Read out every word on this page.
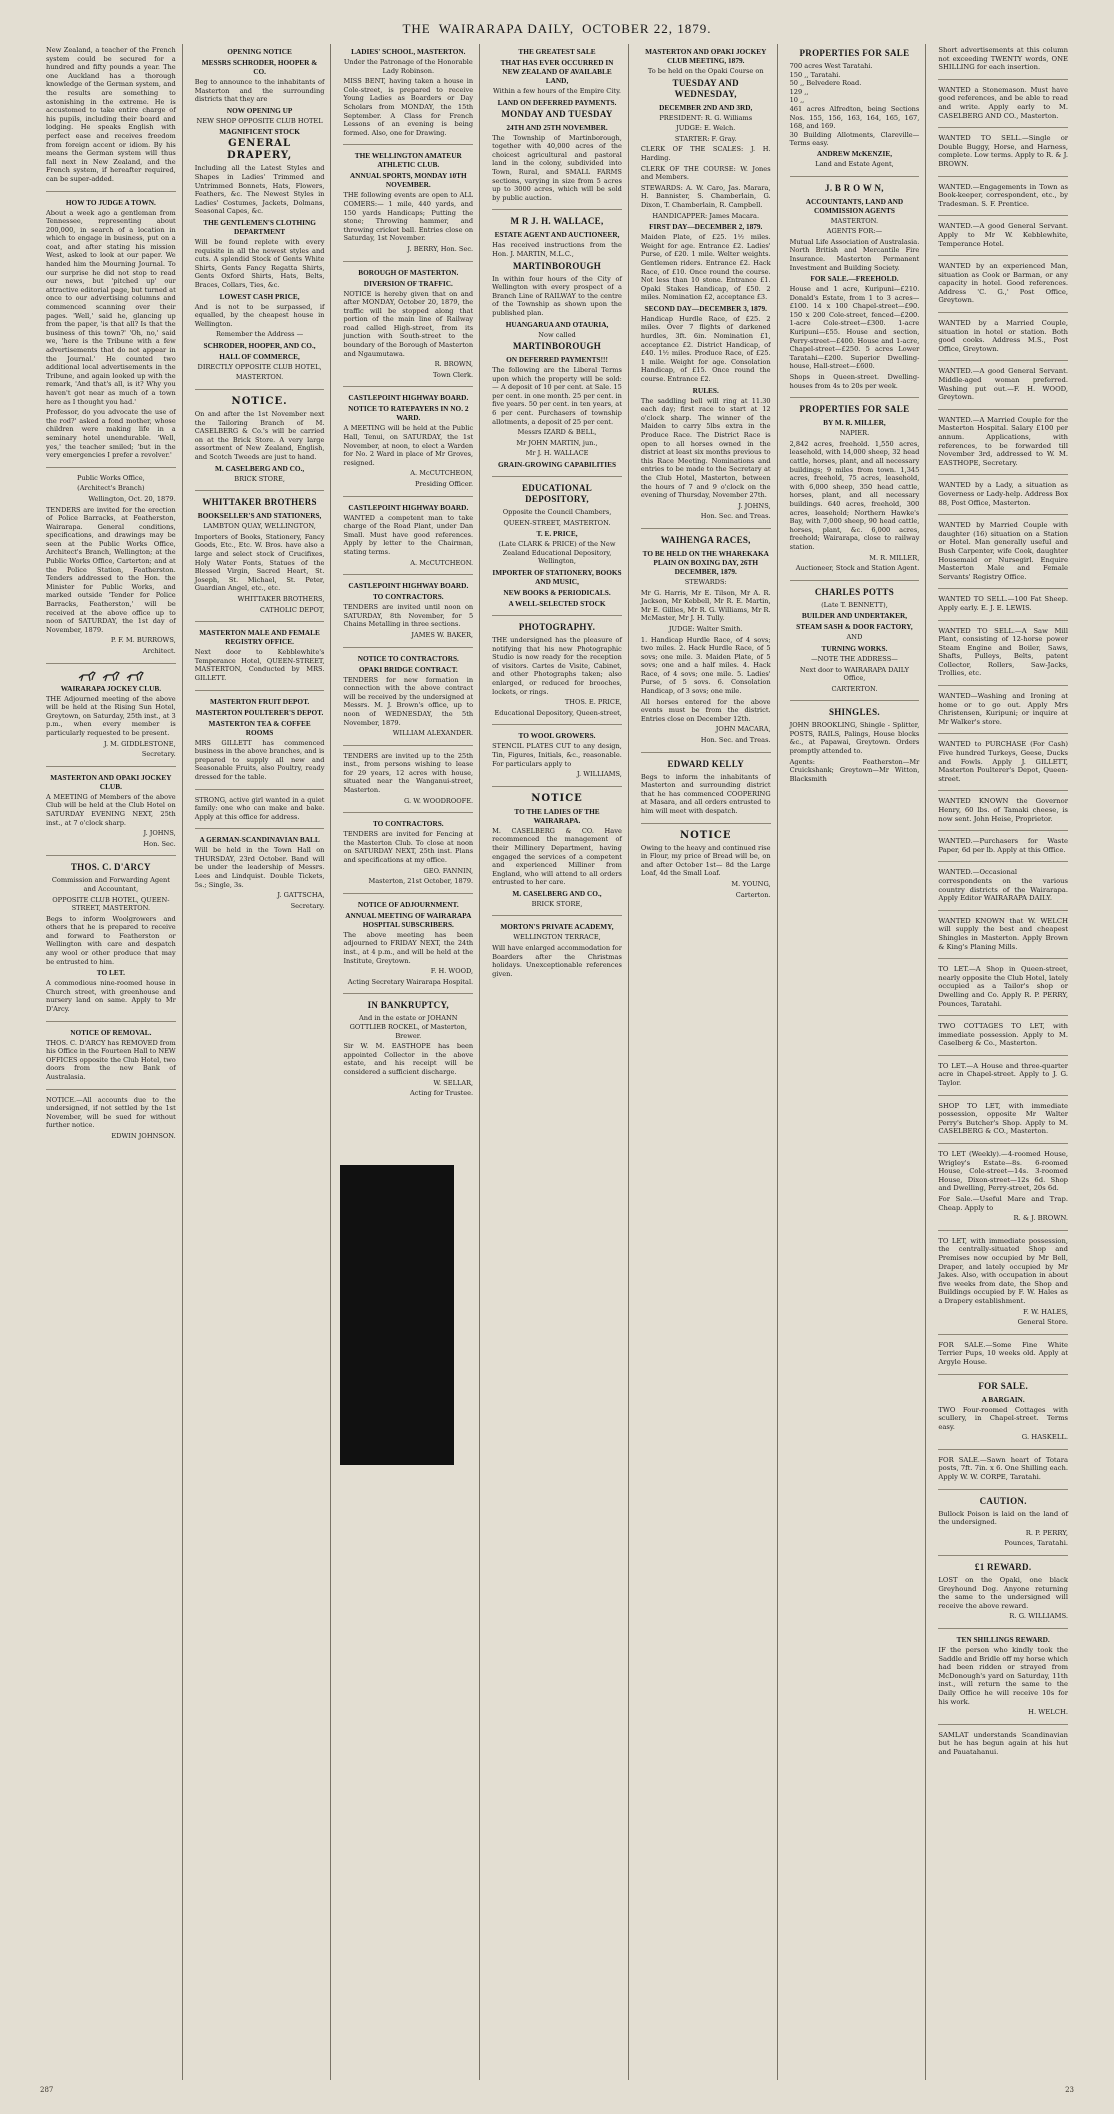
THE WAIRARAPA DAILY, OCTOBER 22, 1879.

New Zealand, a teacher of the French system could be secured for a hundred and fifty pounds a year. The one Auckland has a thorough knowledge of the German system, and the results are something to astonishing in the extreme. He is accustomed to take entire charge of his pupils, including their board and lodging. He speaks English with perfect ease and receives freedom from foreign accent or idiom. By his means the German system will thus fall next in New Zealand, and the French system, if hereafter required, can be super-added.

HOW TO JUDGE A TOWN.

About a week ago a gentleman from Tennessee, representing about 200,000, in search of a location in which to engage in business, put on a coat, and after stating his mission West, asked to look at our paper. We handed him the Mourning Journal. To our surprise he did not stop to read our news, but 'pitched up' our attractive editorial page, but turned at once to our advertising columns and commenced scanning over their pages. 'Well,' said he, glancing up from the paper, 'is that all? Is that the business of this town?' 'Oh, no,' said we, 'here is the Tribune with a few advertisements that do not appear in the Journal.' He counted two additional local advertisements in the Tribune, and again looked up with the remark, 'And that's all, is it? Why you haven't got near as much of a town here as I thought you had.'

Professor, do you advocate the use of the rod?' asked a fond mother, whose children were making life in a seminary hotel unendurable. 'Well, yes,' the teacher smiled; 'but in the very emergencies I prefer a revolver.'

Public Works Office,

(Architect's Branch)

Wellington, Oct. 20, 1879.

TENDERS are invited for the erection of Police Barracks, at Featherston, Wairarapa. General conditions, specifications, and drawings may be seen at the Public Works Office, Architect's Branch, Wellington; at the Public Works Office, Carterton; and at the Police Station, Featherston. Tenders addressed to the Hon. the Minister for Public Works, and marked outside 'Tender for Police Barracks, Featherston,' will be received at the above office up to noon of SATURDAY, the 1st day of November, 1879.

P. F. M. BURROWS,

Architect.

WAIRARAPA JOCKEY CLUB.

THE Adjourned meeting of the above will be held at the Rising Sun Hotel, Greytown, on Saturday, 25th inst., at 3 p.m., when every member is particularly requested to be present.

J. M. GIDDLESTONE,

Secretary.

MASTERTON AND OPAKI JOCKEY CLUB.

A MEETING of Members of the above Club will be held at the Club Hotel on SATURDAY EVENING NEXT, 25th inst., at 7 o'clock sharp.

J. JOHNS,

Hon. Sec.

THOS. C. D'ARCY

Commission and Forwarding Agent and Accountant,

OPPOSITE CLUB HOTEL, QUEEN-STREET, MASTERTON.

Begs to inform Woolgrowers and others that he is prepared to receive and forward to Featherston or Wellington with care and despatch any wool or other produce that may be entrusted to him.

TO LET.

A commodious nine-roomed house in Church street, with greenhouse and nursery land on same. Apply to Mr D'Arcy.

NOTICE OF REMOVAL.

THOS. C. D'ARCY has REMOVED from his Office in the Fourteen Hall to NEW OFFICES opposite the Club Hotel, two doors from the new Bank of Australasia.

NOTICE.—All accounts due to the undersigned, if not settled by the 1st November, will be sued for without further notice.

EDWIN JOHNSON.

OPENING NOTICE
MESSRS SCHRODER, HOOPER & CO.

Beg to announce to the inhabitants of Masterton and the surrounding districts that they are

NOW OPENING UP

NEW SHOP OPPOSITE CLUB HOTEL

MAGNIFICENT STOCK

GENERAL DRAPERY,

Including all the Latest Styles and Shapes in Ladies' Trimmed and Untrimmed Bonnets, Hats, Flowers, Feathers, &c. The Newest Styles in Ladies' Costumes, Jackets, Dolmans, Seasonal Capes, &c.

THE GENTLEMEN'S CLOTHING DEPARTMENT

Will be found replete with every requisite in all the newest styles and cuts. A splendid Stock of Gents White Shirts, Gents Fancy Regatta Shirts, Gents Oxford Shirts, Hats, Belts, Braces, Collars, Ties, &c.

LOWEST CASH PRICE,

And is not to be surpassed, if equalled, by the cheapest house in Wellington.

Remember the Address —

SCHRODER, HOOPER, AND CO.,
HALL OF COMMERCE,

DIRECTLY OPPOSITE CLUB HOTEL,

MASTERTON.

NOTICE.

On and after the 1st November next the Tailoring Branch of M. CASELBERG & Co.'s will be carried on at the Brick Store. A very large assortment of New Zealand, English, and Scotch Tweeds are just to hand.

M. CASELBERG AND CO.,

BRICK STORE,

WHITTAKER BROTHERS
BOOKSELLER'S AND STATIONERS,

LAMBTON QUAY, WELLINGTON,

Importers of Books, Stationery, Fancy Goods, Etc., Etc. W. Bros. have also a large and select stock of Crucifixes, Holy Water Fonts, Statues of the Blessed Virgin, Sacred Heart, St. Joseph, St. Michael, St. Peter, Guardian Angel, etc., etc.

WHITTAKER BROTHERS,

CATHOLIC DEPOT,

MASTERTON MALE AND FEMALE REGISTRY OFFICE.

Next door to Kebblewhite's Temperance Hotel, QUEEN-STREET, MASTERTON, Conducted by MRS. GILLETT.

MASTERTON FRUIT DEPOT.
MASTERTON POULTERER'S DEPOT.
MASTERTON TEA & COFFEE ROOMS

MRS GILLETT has commenced business in the above branches, and is prepared to supply all new and Seasonable Fruits, also Poultry, ready dressed for the table.

STRONG, active girl wanted in a quiet family: one who can make and bake. Apply at this office for address.

A GERMAN-SCANDINAVIAN BALL

Will be held in the Town Hall on THURSDAY, 23rd October. Band will be under the leadership of Messrs. Lees and Lindquist. Double Tickets, 5s.; Single, 3s.

J. GATTSCHA,

Secretary.

LADIES' SCHOOL, MASTERTON.

Under the Patronage of the Honorable Lady Robinson.

MISS BENT, having taken a house in Cole-street, is prepared to receive Young Ladies as Boarders or Day Scholars from MONDAY, the 15th September. A Class for French Lessons of an evening is being formed. Also, one for Drawing.

THE WELLINGTON AMATEUR ATHLETIC CLUB.
ANNUAL SPORTS, MONDAY 10TH NOVEMBER.

THE following events are open to ALL COMERS:— 1 mile, 440 yards, and 150 yards Handicaps; Putting the stone; Throwing hammer, and throwing cricket ball. Entries close on Saturday, 1st November.

J. BERRY, Hon. Sec.

BOROUGH OF MASTERTON.
DIVERSION OF TRAFFIC.

NOTICE is hereby given that on and after MONDAY, October 20, 1879, the traffic will be stopped along that portion of the main line of Railway road called High-street, from its junction with South-street to the boundary of the Borough of Masterton and Ngaumutawa.

R. BROWN,

Town Clerk.

CASTLEPOINT HIGHWAY BOARD.
NOTICE TO RATEPAYERS IN NO. 2 WARD.

A MEETING will be held at the Public Hall, Tenui, on SATURDAY, the 1st November, at noon, to elect a Warden for No. 2 Ward in place of Mr Groves, resigned.

A. McCUTCHEON,

Presiding Officer.

CASTLEPOINT HIGHWAY BOARD.

WANTED a competent man to take charge of the Road Plant, under Dan Small. Must have good references. Apply by letter to the Chairman, stating terms.

A. McCUTCHEON.

CASTLEPOINT HIGHWAY BOARD.
TO CONTRACTORS.

TENDERS are invited until noon on SATURDAY, 8th November, for 5 Chains Metalling in three sections.

JAMES W. BAKER,

NOTICE TO CONTRACTORS.
OPAKI BRIDGE CONTRACT.

TENDERS for new formation in connection with the above contract will be received by the undersigned at Messrs. M. J. Brown's office, up to noon of WEDNESDAY, the 5th November, 1879.

WILLIAM ALEXANDER.

TENDERS are invited up to the 25th inst., from persons wishing to lease for 29 years, 12 acres with house, situated near the Wanganui-street, Masterton.

G. W. WOODROOFE.

TO CONTRACTORS.

TENDERS are invited for Fencing at the Masterton Club. To close at noon on SATURDAY NEXT, 25th inst. Plans and specifications at my office.

GEO. FANNIN,

Masterton, 21st October, 1879.

NOTICE OF ADJOURNMENT.
ANNUAL MEETING OF WAIRARAPA HOSPITAL SUBSCRIBERS.

The above meeting has been adjourned to FRIDAY NEXT, the 24th inst., at 4 p.m., and will be held at the Institute, Greytown.

F. H. WOOD,

Acting Secretary Wairarapa Hospital.

IN BANKRUPTCY,

And in the estate or JOHANN GOTTLIEB ROCKEL, of Masterton, Brewer.

Sir W. M. EASTHOPE has been appointed Collector in the above estate, and his receipt will be considered a sufficient discharge.

W. SELLAR,

Acting for Trustee.

THE GREATEST SALE
THAT HAS EVER OCCURRED IN NEW ZEALAND OF AVAILABLE LAND,

Within a few hours of the Empire City.

LAND ON DEFERRED PAYMENTS.
MONDAY AND TUESDAY
24TH AND 25TH NOVEMBER.

The Township of Martinborough, together with 40,000 acres of the choicest agricultural and pastoral land in the colony, subdivided into Town, Rural, and SMALL FARMS sections, varying in size from 5 acres up to 3000 acres, which will be sold by public auction.

M R J. H. WALLACE,
ESTATE AGENT AND AUCTIONEER,

Has received instructions from the Hon. J. MARTIN, M.L.C.,

MARTINBOROUGH

In within four hours of the City of Wellington with every prospect of a Branch Line of RAILWAY to the centre of the Township as shown upon the published plan.

HUANGARUA AND OTAURIA,

Now called

MARTINBOROUGH
ON DEFERRED PAYMENTS!!!

The following are the Liberal Terms upon which the property will be sold:— A deposit of 10 per cent. at Sale. 15 per cent. in one month. 25 per cent. in five years. 50 per cent. in ten years, at 6 per cent. Purchasers of township allotments, a deposit of 25 per cent.

Messrs IZARD & BELL,

Mr JOHN MARTIN, jun.,

Mr J. H. WALLACE

GRAIN-GROWING CAPABILITIES
EDUCATIONAL DEPOSITORY,

Opposite the Council Chambers,

QUEEN-STREET, MASTERTON.

T. E. PRICE,

(Late CLARK & PRICE) of the New Zealand Educational Depository, Wellington,

IMPORTER OF STATIONERY, BOOKS AND MUSIC,
NEW BOOKS & PERIODICALS.
A WELL-SELECTED STOCK
PHOTOGRAPHY.

THE undersigned has the pleasure of notifying that his new Photographic Studio is now ready for the reception of visitors. Cartes de Visite, Cabinet, and other Photographs taken; also enlarged, or reduced for brooches, lockets, or rings.

THOS. E. PRICE,

Educational Depository, Queen-street,

TO WOOL GROWERS.

STENCIL PLATES CUT to any design, Tin, Figures, Initials, &c., reasonable. For particulars apply to

J. WILLIAMS,

NOTICE

TO THE LADIES OF THE WAIRARAPA.

M. CASELBERG & CO. Have recommenced the management of their Millinery Department, having engaged the services of a competent and experienced Milliner from England, who will attend to all orders entrusted to her care.

M. CASELBERG AND CO.,

BRICK STORE,

MORTON'S PRIVATE ACADEMY,

WELLINGTON TERRACE,

Will have enlarged accommodation for Boarders after the Christmas holidays. Unexceptionable references given.

MASTERTON AND OPAKI JOCKEY CLUB MEETING, 1879.

To be held on the Opaki Course on

TUESDAY AND WEDNESDAY,
DECEMBER 2ND AND 3RD,

PRESIDENT: R. G. Williams

JUDGE: E. Welch.

STARTER: F. Gray.

CLERK OF THE SCALES: J. H. Harding.

CLERK OF THE COURSE: W. Jones and Members.

STEWARDS: A. W. Caro, Jas. Marara, H. Bannister, S. Chamberlain, G. Dixon, T. Chamberlain, R. Campbell.

HANDICAPPER: James Macara.

FIRST DAY—DECEMBER 2, 1879.

Maiden Plate, of £25. 1½ miles. Weight for age. Entrance £2. Ladies' Purse, of £20. 1 mile. Welter weights. Gentlemen riders. Entrance £2. Hack Race, of £10. Once round the course. Not less than 10 stone. Entrance £1. Opaki Stakes Handicap, of £50. 2 miles. Nomination £2, acceptance £3.

SECOND DAY—DECEMBER 3, 1879.

Handicap Hurdle Race, of £25. 2 miles. Over 7 flights of darkened hurdles, 3ft. 6in. Nomination £1, acceptance £2. District Handicap, of £40. 1½ miles. Produce Race, of £25. 1 mile. Weight for age. Consolation Handicap, of £15. Once round the course. Entrance £2.

RULES.

The saddling bell will ring at 11.30 each day; first race to start at 12 o'clock sharp. The winner of the Maiden to carry 5lbs extra in the Produce Race. The District Race is open to all horses owned in the district at least six months previous to this Race Meeting. Nominations and entries to be made to the Secretary at the Club Hotel, Masterton, between the hours of 7 and 9 o'clock on the evening of Thursday, November 27th.

J. JOHNS,

Hon. Sec. and Treas.

WAIHENGA RACES,
TO BE HELD ON THE WHAREKAKA PLAIN ON BOXING DAY, 26TH DECEMBER, 1879.

STEWARDS:

Mr G. Harris, Mr E. Tilson, Mr A. R. Jackson, Mr Kebbell, Mr R. E. Martin, Mr E. Gillies, Mr R. G. Williams, Mr R. McMaster, Mr J. H. Tully.

JUDGE: Walter Smith.

1. Handicap Hurdle Race, of 4 sovs; two miles. 2. Hack Hurdle Race, of 5 sovs; one mile. 3. Maiden Plate, of 5 sovs; one and a half miles. 4. Hack Race, of 4 sovs; one mile. 5. Ladies' Purse, of 5 sovs. 6. Consolation Handicap, of 3 sovs; one mile.

All horses entered for the above events must be from the district. Entries close on December 12th.

JOHN MACARA,

Hon. Sec. and Treas.

EDWARD KELLY

Begs to inform the inhabitants of Masterton and surrounding district that he has commenced COOPERING at Masara, and all orders entrusted to him will meet with despatch.

NOTICE

Owing to the heavy and continued rise in Flour, my price of Bread will be, on and after October 1st— 8d the Large Loaf, 4d the Small Loaf.

M. YOUNG,

Carterton.

PROPERTIES FOR SALE
700 acres West Taratahi.
150 ,, Taratahi.
50 ,, Belvedere Road.
129 ,,
10 ,,
461 acres Alfredton, being Sections Nos. 155, 156, 163, 164, 165, 167, 168, and 169.
30 Building Allotments, Clareville—Terms easy.
ANDREW McKENZIE,

Land and Estate Agent,

J. B R O W N,
ACCOUNTANTS, LAND AND COMMISSION AGENTS

MASTERTON.

AGENTS FOR:—

Mutual Life Association of Australasia. North British and Mercantile Fire Insurance. Masterton Permanent Investment and Building Society.

FOR SALE.—FREEHOLD.

House and 1 acre, Kuripuni—£210. Donald's Estate, from 1 to 3 acres—£100. 14 x 100 Chapel-street—£90. 150 x 200 Cole-street, fenced—£200. 1-acre Cole-street—£300. 1-acre Kuripuni—£55. House and section, Perry-street—£400. House and 1-acre, Chapel-street—£250. 5 acres Lower Taratahi—£200. Superior Dwelling-house, Hall-street—£600.

Shops in Queen-street. Dwelling-houses from 4s to 20s per week.

PROPERTIES FOR SALE
BY M. R. MILLER,

NAPIER.

2,842 acres, freehold. 1,550 acres, leasehold, with 14,000 sheep, 32 head cattle, horses, plant, and all necessary buildings; 9 miles from town. 1,345 acres, freehold, 75 acres, leasehold, with 6,000 sheep, 350 head cattle, horses, plant, and all necessary buildings. 640 acres, freehold, 300 acres, leasehold; Northern Hawke's Bay, with 7,000 sheep, 90 head cattle, horses, plant, &c. 6,000 acres, freehold; Wairarapa, close to railway station.

M. R. MILLER,

Auctioneer, Stock and Station Agent.

CHARLES POTTS

(Late T. BENNETT),

BUILDER AND UNDERTAKER,
STEAM SASH & DOOR FACTORY,

AND

TURNING WORKS.

—NOTE THE ADDRESS—

Next door to WAIRARAPA DAILY Office,

CARTERTON.

SHINGLES.

JOHN BROOKLING, Shingle - Splitter, POSTS, RAILS, Palings, House blocks &c., at Papawai, Greytown. Orders promptly attended to.

Agents: Featherston—Mr Cruickshank; Greytown—Mr Witton, Blacksmith

Short advertisements at this column not exceeding TWENTY words, ONE SHILLING for each insertion.

WANTED a Stonemason. Must have good references, and be able to read and write. Apply early to M. CASELBERG AND CO., Masterton.

WANTED TO SELL.—Single or Double Buggy, Horse, and Harness, complete. Low terms. Apply to R. & J. BROWN.

WANTED.—Engagements in Town as Book-keeper, correspondent, etc., by Tradesman. S. F. Prentice.

WANTED.—A good General Servant. Apply to Mr W. Kebblewhite, Temperance Hotel.

WANTED by an experienced Man, situation as Cook or Barman, or any capacity in hotel. Good references. Address 'C. G.,' Post Office, Greytown.

WANTED by a Married Couple, situation in hotel or station. Both good cooks. Address M.S., Post Office, Greytown.

WANTED.—A good General Servant. Middle-aged woman preferred. Washing put out.—F. H. WOOD, Greytown.

WANTED.—A Married Couple for the Masterton Hospital. Salary £100 per annum. Applications, with references, to be forwarded till November 3rd, addressed to W. M. EASTHOPE, Secretary.

WANTED by a Lady, a situation as Governess or Lady-help. Address Box 88, Post Office, Masterton.

WANTED by Married Couple with daughter (16) situation on a Station or Hotel. Man generally useful and Bush Carpenter, wife Cook, daughter Housemaid or Nursegirl. Enquire Masterton Male and Female Servants' Registry Office.

WANTED TO SELL.—100 Fat Sheep. Apply early. E. J. E. LEWIS.

WANTED TO SELL.—A Saw Mill Plant, consisting of 12-horse power Steam Engine and Boiler, Saws, Shafts, Pulleys, Belts, patent Collector, Rollers, Saw-Jacks, Trollies, etc.

WANTED—Washing and Ironing at home or to go out. Apply Mrs Christensen, Kuripuni; or inquire at Mr Walker's store.

WANTED to PURCHASE (For Cash) Five hundred Turkeys, Geese, Ducks and Fowls. Apply J. GILLETT, Masterton Poulterer's Depot, Queen-street.

WANTED KNOWN the Governor Henry, 60 lbs. of Tamaki cheese, is now sent. John Heise, Proprietor.

WANTED.—Purchasers for Waste Paper, 6d per lb. Apply at this Office.

WANTED.—Occasional correspondents on the various country districts of the Wairarapa. Apply Editor WAIRARAPA DAILY.

WANTED KNOWN that W. WELCH will supply the best and cheapest Shingles in Masterton. Apply Brown & King's Planing Mills.

TO LET.—A Shop in Queen-street, nearly opposite the Club Hotel, lately occupied as a Tailor's shop or Dwelling and Co. Apply R. P. PERRY, Pounces, Taratahi.

TWO COTTAGES TO LET, with immediate possession. Apply to M. Caselberg & Co., Masterton.

TO LET.—A House and three-quarter acre in Chapel-street. Apply to J. G. Taylor.

SHOP TO LET, with immediate possession, opposite Mr Walter Perry's Butcher's Shop. Apply to M. CASELBERG & CO., Masterton.

TO LET (Weekly).—4-roomed House, Wrigley's Estate—8s. 6-roomed House, Cole-street—14s. 3-roomed House, Dixon-street—12s 6d. Shop and Dwelling, Perry-street, 20s 6d.

For Sale.—Useful Mare and Trap. Cheap. Apply to

R. & J. BROWN.

TO LET, with immediate possession, the centrally-situated Shop and Premises now occupied by Mr Bell, Draper, and lately occupied by Mr Jakes. Also, with occupation in about five weeks from date, the Shop and Buildings occupied by F. W. Hales as a Drapery establishment.

F. W. HALES,

General Store.

FOR SALE.—Some Fine White Terrier Pups, 10 weeks old. Apply at Argyle House.

FOR SALE.
A BARGAIN.

TWO Four-roomed Cottages with scullery, in Chapel-street. Terms easy.

G. HASKELL.

FOR SALE.—Sawn heart of Totara posts, 7ft. 7in. x 6. One Shilling each. Apply W. W. CORPE, Taratahi.

CAUTION.

Bullock Poison is laid on the land of the undersigned.

R. P. PERRY,

Pounces, Taratahi.

£1 REWARD.

LOST on the Opaki, one black Greyhound Dog. Anyone returning the same to the undersigned will receive the above reward.

R. G. WILLIAMS.

TEN SHILLINGS REWARD.

IF the person who kindly took the Saddle and Bridle off my horse which had been ridden or strayed from McDonough's yard on Saturday, 11th inst., will return the same to the Daily Office he will receive 10s for his work.

H. WELCH.

SAMLAT understands Scandinavian but he has begun again at his hut and Pauatahanui.

287	23
